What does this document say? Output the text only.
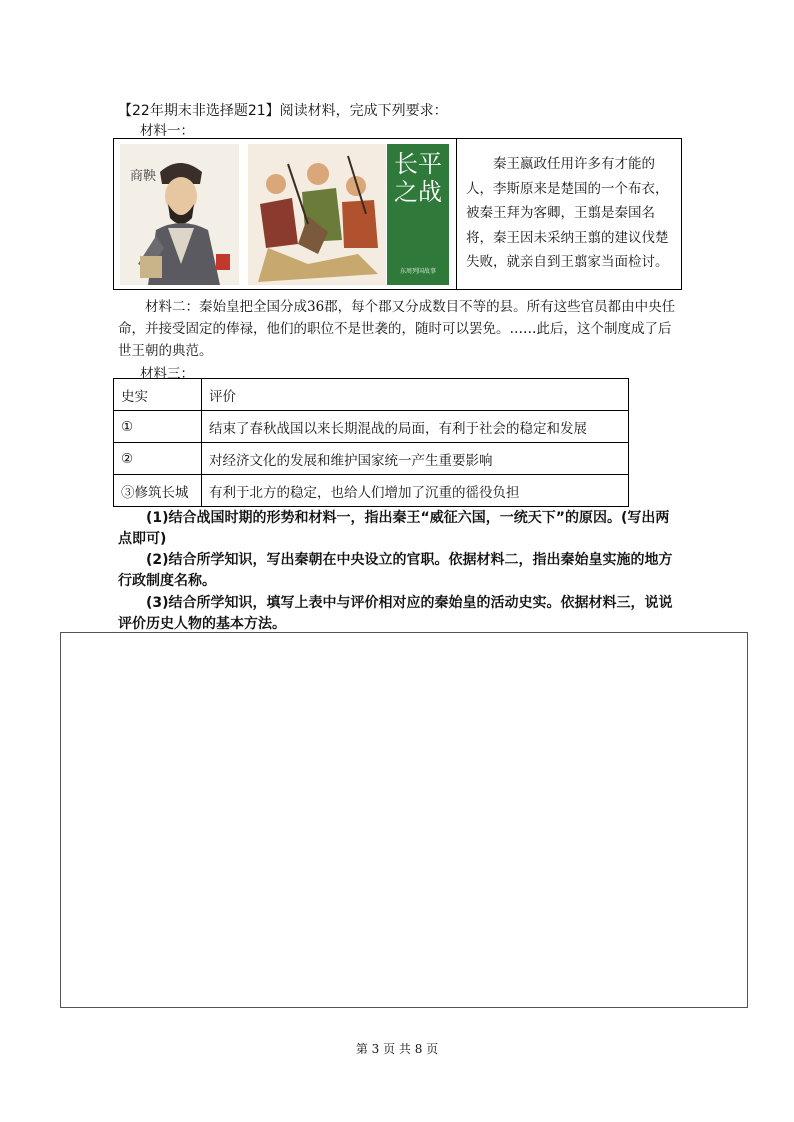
【22年期末非选择题21】阅读材料，完成下列要求：
材料一：
商鞅	长平之战
东周列国故事
秦王嬴政任用许多有才能的人，李斯原来是楚国的一个布衣，被秦王拜为客卿，王翦是秦国名将，秦王因未采纳王翦的建议伐楚失败，就亲自到王翦家当面检讨。
材料二：秦始皇把全国分成36郡，每个郡又分成数目不等的县。所有这些官员都由中央任命，并接受固定的俸禄，他们的职位不是世袭的，随时可以罢免。……此后，这个制度成了后世王朝的典范。
材料三：
史实	评价
①	结束了春秋战国以来长期混战的局面，有利于社会的稳定和发展
②	对经济文化的发展和维护国家统一产生重要影响
③修筑长城	有利于北方的稳定，也给人们增加了沉重的徭役负担
(1)结合战国时期的形势和材料一，指出秦王“威征六国，一统天下”的原因。(写出两点即可)
(2)结合所学知识，写出秦朝在中央设立的官职。依据材料二，指出秦始皇实施的地方行政制度名称。
(3)结合所学知识，填写上表中与评价相对应的秦始皇的活动史实。依据材料三，说说评价历史人物的基本方法。
第 3 页 共 8 页
